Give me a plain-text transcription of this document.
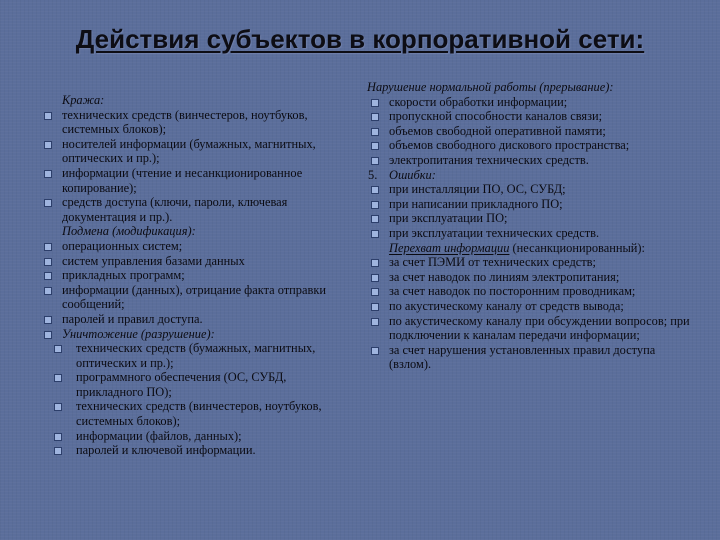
Действия субъектов в корпоративной сети:
Кража:
технических средств (винчестеров, ноутбуков, системных блоков);
носителей информации (бумажных, магнитных, оптических и пр.);
информации (чтение и несанкционированное копирование);
средств доступа (ключи, пароли, ключевая документация и пр.).
Подмена (модификация):
операционных систем;
систем управления базами данных
прикладных программ;
информации (данных), отрицание факта отправки сообщений;
паролей и правил доступа.
Уничтожение (разрушение):
технических средств (бумажных, магнитных, оптических и пр.);
программного обеспечения (ОС, СУБД, прикладного ПО);
технических средств (винчестеров, ноутбуков, системных блоков);
информации (файлов, данных);
паролей и ключевой информации.
Нарушение нормальной работы (прерывание):
скорости обработки информации;
пропускной способности каналов связи;
объемов свободной оперативной памяти;
объемов свободного дискового пространства;
электропитания технических средств.
5. Ошибки:
при инсталляции ПО, ОС, СУБД;
при написании прикладного ПО;
при эксплуатации ПО;
при эксплуатации технических средств.
Перехват информации (несанкционированный):
за счет ПЭМИ от технических средств;
за счет наводок по линиям электропитания;
за счет наводок по посторонним проводникам;
по акустическому каналу от средств вывода;
по акустическому каналу при обсуждении вопросов; при подключении к каналам передачи информации;
за счет нарушения установленных правил доступа (взлом).
